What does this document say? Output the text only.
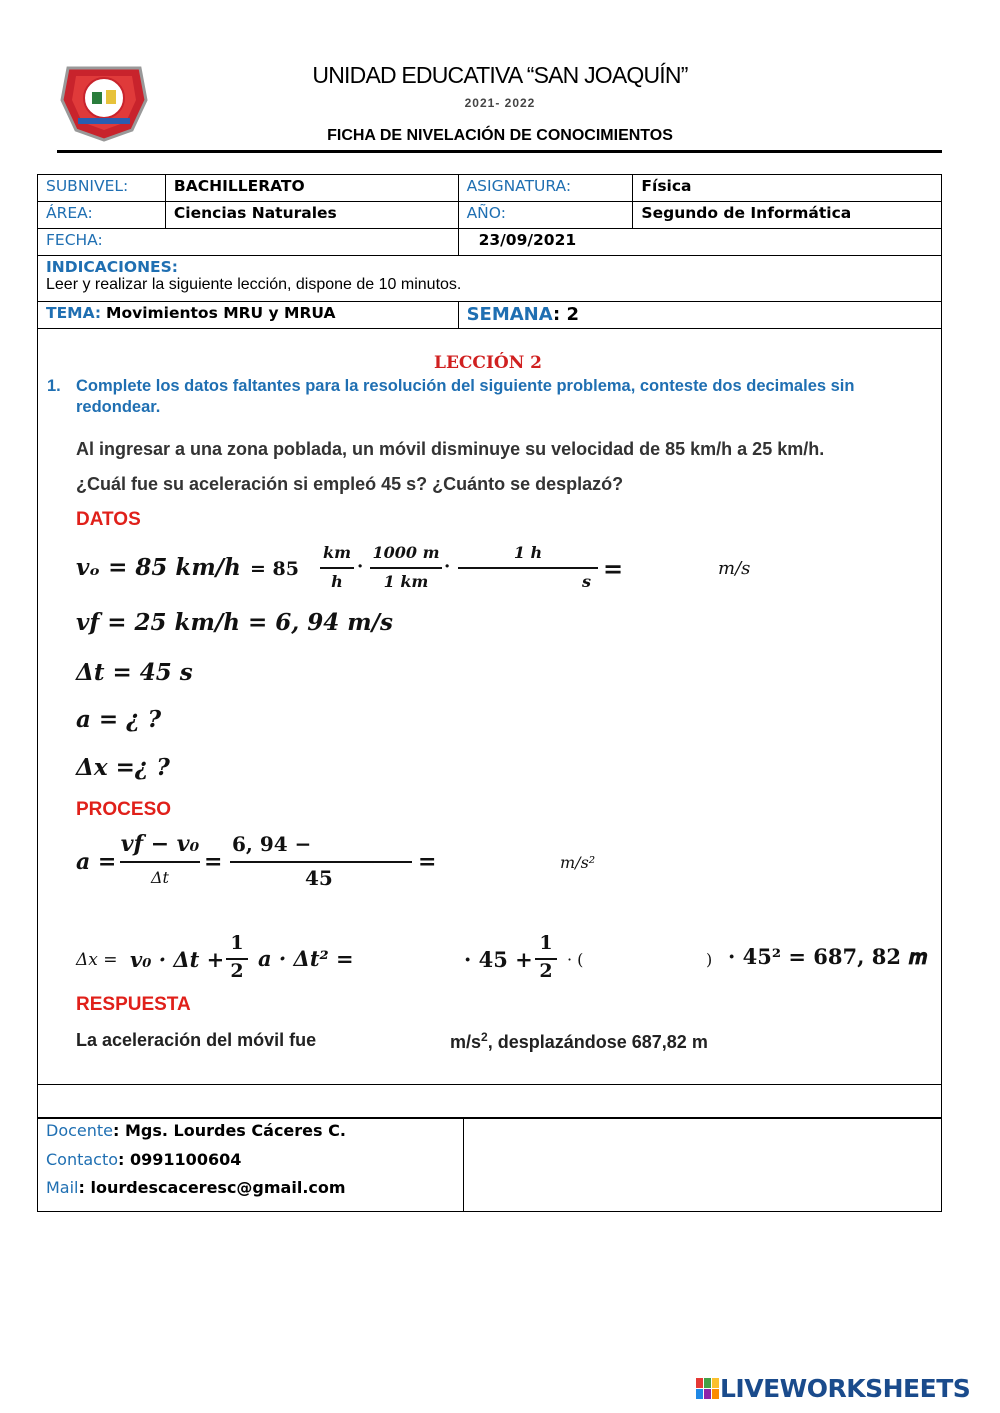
UNIDAD EDUCATIVA “SAN JOAQUÍN”
2021- 2022
FICHA DE NIVELACIÓN DE CONOCIMIENTOS
SUBNIVEL:	BACHILLERATO	ASIGNATURA:	Física
ÁREA:	Ciencias Naturales	AÑO:	Segundo de Informática
FECHA:		23/09/2021	

INDICACIONES:
Leer y realizar la siguiente lección, dispone de 10 minutos.			

TEMA: Movimientos MRU y MRUA		SEMANA: 2	
LECCIÓN 2
1. Complete los datos faltantes para la resolución del siguiente problema, conteste dos decimales sin redondear.
Al ingresar a una zona poblada, un móvil disminuye su velocidad de 85 km/h a 25 km/h.
¿Cuál fue su aceleración si empleó 45 s? ¿Cuánto se desplazó?
DATOS
𝒗ₒ = 85 𝒌𝒎/𝒉 = 85
km
h
·
1000 m
1 km
·
1 h
s =	m/s
𝒗𝒇 = 25 𝒌𝒎/𝒉 = 6, 94 𝒎/𝒔
Δ𝒕 = 45 𝒔
𝒂 = ¿ ?
Δ𝒙 =¿ ?
PROCESO
𝒂 =
𝒗𝒇 − 𝒗₀
Δ𝑡
=
6, 94 −
45
=	m/s²
Δ𝑥 = 𝒗₀ · Δ𝒕 +
1
2 𝒂 · Δ𝒕² =	· 45 +
1
2
· (	) · 45² = 687, 82 𝒎
RESPUESTA
La aceleración del móvil fue	$m/s^2$, desplazándose 687,82 m
Docente: Mgs. Lourdes Cáceres C.
Contacto: 0991100604
Mail: lourdescaceresc@gmail.com
LIVEWORKSHEETS
